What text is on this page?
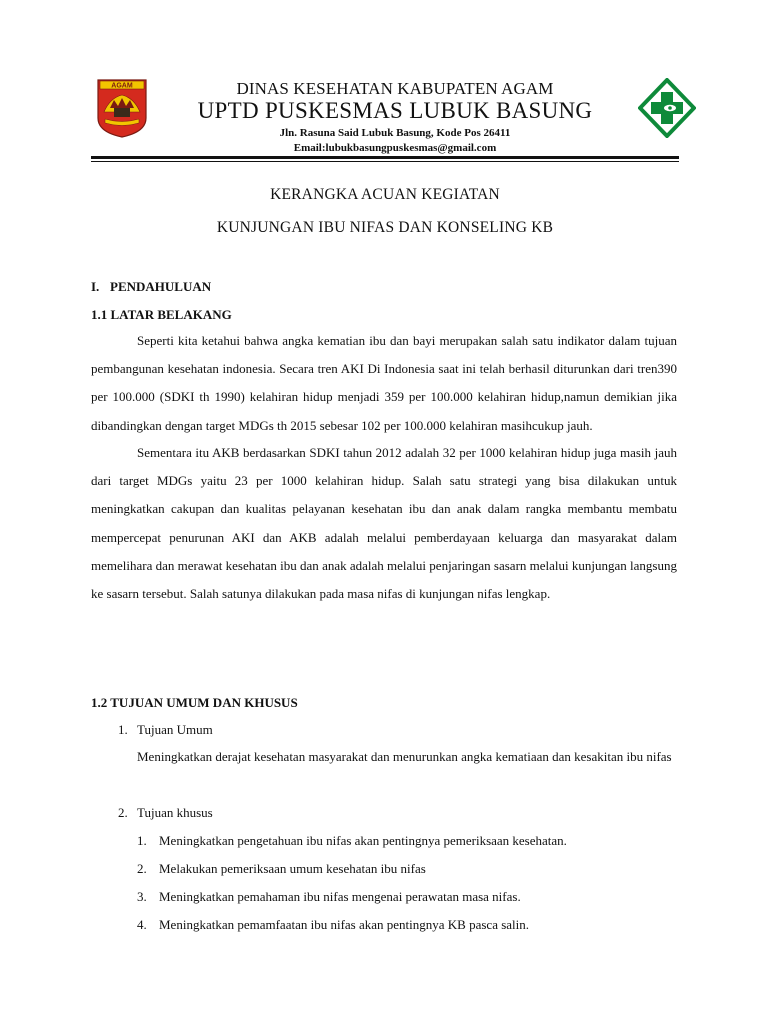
AGAM	DINAS KESEHATAN KABUPATEN AGAM
UPTD PUSKESMAS LUBUK BASUNG
Jln. Rasuna Said Lubuk Basung, Kode Pos 26411
Email:lubukbasungpuskesmas@gmail.com
KERANGKA ACUAN KEGIATAN
KUNJUNGAN IBU NIFAS DAN KONSELING KB
I. PENDAHULUAN
1.1 LATAR BELAKANG

Seperti kita ketahui bahwa angka kematian ibu dan bayi merupakan salah satu indikator dalam tujuan pembangunan kesehatan indonesia. Secara tren AKI Di Indonesia saat ini telah berhasil diturunkan dari tren390 per 100.000 (SDKI th 1990) kelahiran hidup menjadi 359 per 100.000 kelahiran hidup,namun demikian jika dibandingkan dengan target MDGs th 2015 sebesar 102 per 100.000 kelahiran masihcukup jauh.

Sementara itu AKB berdasarkan SDKI tahun 2012 adalah 32 per 1000 kelahiran hidup juga masih jauh dari target MDGs yaitu 23 per 1000 kelahiran hidup. Salah satu strategi yang bisa dilakukan untuk meningkatkan cakupan dan kualitas pelayanan kesehatan ibu dan anak dalam rangka membantu membatu mempercepat penurunan AKI dan AKB adalah melalui pemberdayaan keluarga dan masyarakat dalam memelihara dan merawat kesehatan ibu dan anak adalah melalui penjaringan sasarn melalui kunjungan langsung ke sasarn tersebut. Salah satunya dilakukan pada masa nifas di kunjungan nifas lengkap.

1.2 TUJUAN UMUM DAN KHUSUS
1. Tujuan Umum

Meningkatkan derajat kesehatan masyarakat dan menurunkan angka kematiaan dan kesakitan ibu nifas

2. Tujuan khusus
1. Meningkatkan pengetahuan ibu nifas akan pentingnya pemeriksaan kesehatan.
2. Melakukan pemeriksaan umum kesehatan ibu nifas
3. Meningkatkan pemahaman ibu nifas mengenai perawatan masa nifas.
4. Meningkatkan pemamfaatan ibu nifas akan pentingnya KB pasca salin.
